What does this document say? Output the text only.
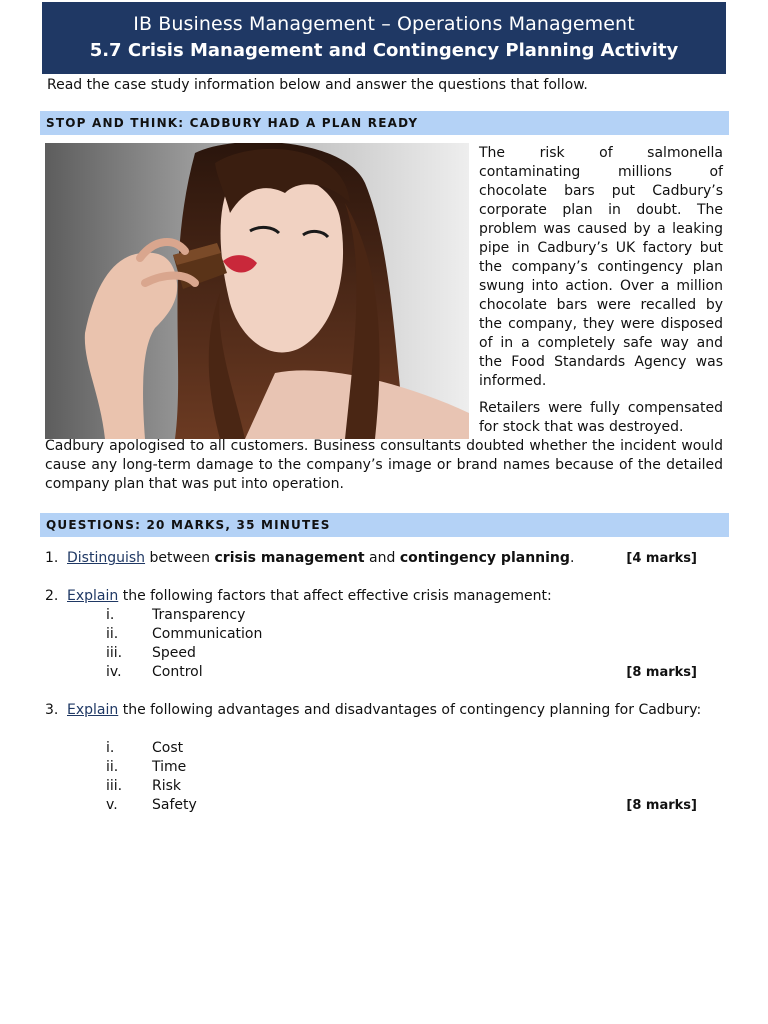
IB Business Management – Operations Management
5.7 Crisis Management and Contingency Planning Activity
Read the case study information below and answer the questions that follow.
STOP AND THINK: CADBURY HAD A PLAN READY
The risk of salmonella contaminating millions of chocolate bars put Cadbury’s corporate plan in doubt. The problem was caused by a leaking pipe in Cadbury’s UK factory but the company’s contingency plan swung into action. Over a million chocolate bars were recalled by the company, they were disposed of in a completely safe way and the Food Standards Agency was informed.
Retailers were fully compensated for stock that was destroyed.
Cadbury apologised to all customers. Business consultants doubted whether the incident would cause any long-term damage to the company’s image or brand names because of the detailed company plan that was put into operation.
QUESTIONS: 20 MARKS, 35 MINUTES
1. Distinguish between crisis management and contingency planning.	[4 marks]
2. Explain the following factors that affect effective crisis management:
i.	Transparency
ii.	Communication
iii.	Speed
iv.	Control	[8 marks]
3. Explain the following advantages and disadvantages of contingency planning for Cadbury:
i.	Cost
ii.	Time
iii.	Risk
v.	Safety	[8 marks]
